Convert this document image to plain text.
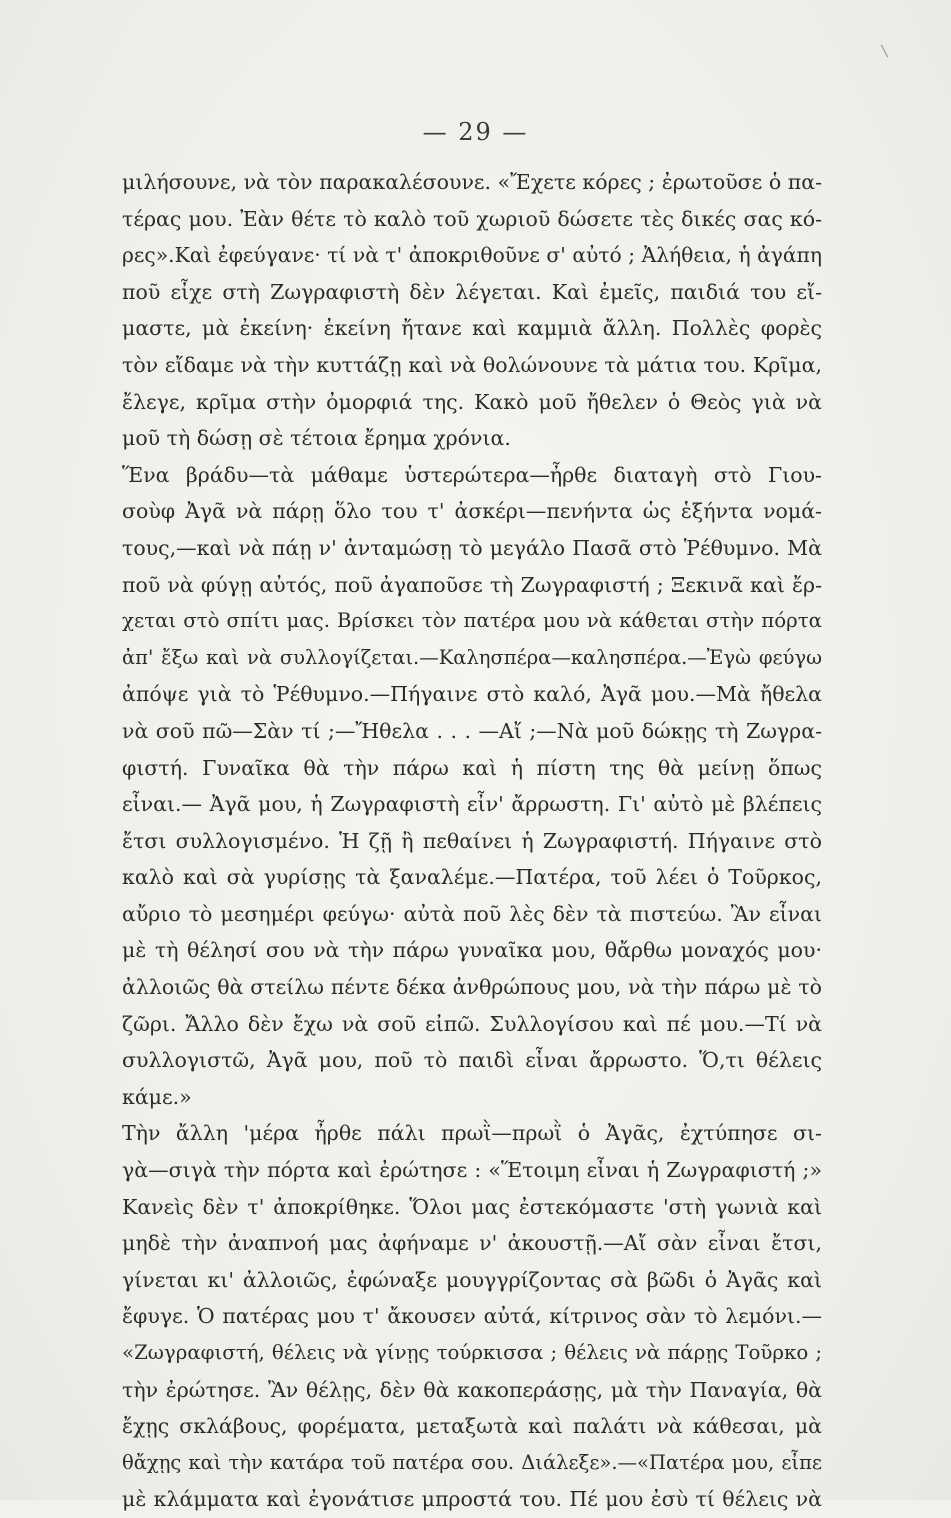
— 29 —
μιλήσουνε, νὰ τὸν παρακαλέσουνε. «Ἔχετε κόρες ; ἐρωτοῦσε ὁ πα-
τέρας μου. Ἐὰν θέτε τὸ καλὸ τοῦ χωριοῦ δώσετε τὲς δικές σας κό-
ρες».Καὶ ἐφεύγανε· τί νὰ τ' ἀποκριθοῦνε σ' αὐτό ; Ἀλήθεια, ἡ ἀγάπη
ποῦ εἶχε στὴ Ζωγραφιστὴ δὲν λέγεται. Καὶ ἐμεῖς, παιδιά του εἴ-
μαστε, μὰ ἐκείνη· ἐκείνη ἤτανε καὶ καμμιὰ ἄλλη. Πολλὲς φορὲς
τὸν εἴδαμε νὰ τὴν κυττάζῃ καὶ νὰ θολώνουνε τὰ μάτια του. Κρῖμα,
ἔλεγε, κρῖμα στὴν ὀμορφιά της. Κακὸ μοῦ ἤθελεν ὁ Θεὸς γιὰ νὰ
μοῦ τὴ δώσῃ σὲ τέτοια ἔρημα χρόνια.
Ἕνα βράδυ—τὰ μάθαμε ὑστερώτερα—ἦρθε διαταγὴ στὸ Γιου-
σοὺφ Ἀγᾶ νὰ πάρῃ ὅλο του τ' ἀσκέρι—πενήντα ὡς ἑξήντα νομά-
τους,—καὶ νὰ πάῃ ν' ἀνταμώσῃ τὸ μεγάλο Πασᾶ στὸ Ῥέθυμνο. Μὰ
ποῦ νὰ φύγῃ αὐτός, ποῦ ἀγαποῦσε τὴ Ζωγραφιστή ; Ξεκινᾶ καὶ ἔρ-
χεται στὸ σπίτι μας. Βρίσκει τὸν πατέρα μου νὰ κάθεται στὴν πόρτα
ἀπ' ἔξω καὶ νὰ συλλογίζεται.—Καλησπέρα—καλησπέρα.—Ἐγὼ φεύγω
ἀπόψε γιὰ τὸ Ῥέθυμνο.—Πήγαινε στὸ καλό, Ἀγᾶ μου.—Μὰ ἤθελα
νὰ σοῦ πῶ—Σὰν τί ;—Ἤθελα . . . —Αἴ ;—Νὰ μοῦ δώκῃς τὴ Ζωγρα-
φιστή. Γυναῖκα θὰ τὴν πάρω καὶ ἡ πίστη της θὰ μείνῃ ὅπως
εἶναι.— Ἀγᾶ μου, ἡ Ζωγραφιστὴ εἶν' ἄρρωστη. Γι' αὐτὸ μὲ βλέπεις
ἔτσι συλλογισμένο. Ἡ ζῇ ἢ πεθαίνει ἡ Ζωγραφιστή. Πήγαινε στὸ
καλὸ καὶ σὰ γυρίσῃς τὰ ξαναλέμε.—Πατέρα, τοῦ λέει ὁ Τοῦρκος,
αὔριο τὸ μεσημέρι φεύγω· αὐτὰ ποῦ λὲς δὲν τὰ πιστεύω. Ἂν εἶναι
μὲ τὴ θέλησί σου νὰ τὴν πάρω γυναῖκα μου, θἄρθω μοναχός μου·
ἀλλοιῶς θὰ στείλω πέντε δέκα ἀνθρώπους μου, νὰ τὴν πάρω μὲ τὸ
ζῶρι. Ἄλλο δὲν ἔχω νὰ σοῦ εἰπῶ. Συλλογίσου καὶ πέ μου.—Τί νὰ
συλλογιστῶ, Ἀγᾶ μου, ποῦ τὸ παιδὶ εἶναι ἄρρωστο. Ὅ,τι θέλεις
κάμε.»
Τὴν ἄλλη 'μέρα ἦρθε πάλι πρωῒ—πρωῒ ὁ Ἀγᾶς, ἐχτύπησε σι-
γὰ—σιγὰ τὴν πόρτα καὶ ἐρώτησε : «Ἕτοιμη εἶναι ἡ Ζωγραφιστή ;»
Κανεὶς δὲν τ' ἀποκρίθηκε. Ὅλοι μας ἐστεκόμαστε 'στὴ γωνιὰ καὶ
μηδὲ τὴν ἀναπνοή μας ἀφήναμε ν' ἀκουστῇ.—Αἴ σὰν εἶναι ἔτσι,
γίνεται κι' ἀλλοιῶς, ἐφώναξε μουγγρίζοντας σὰ βῶδι ὁ Ἀγᾶς καὶ
ἔφυγε. Ὁ πατέρας μου τ' ἄκουσεν αὐτά, κίτρινος σὰν τὸ λεμόνι.—
«Ζωγραφιστή, θέλεις νὰ γίνῃς τούρκισσα ; θέλεις νὰ πάρῃς Τοῦρκο ;
τὴν ἐρώτησε. Ἂν θέλῃς, δὲν θὰ κακοπεράσῃς, μὰ τὴν Παναγία, θὰ
ἔχῃς σκλάβους, φορέματα, μεταξωτὰ καὶ παλάτι νὰ κάθεσαι, μὰ
θἄχῃς καὶ τὴν κατάρα τοῦ πατέρα σου. Διάλεξε».—«Πατέρα μου, εἶπε
μὲ κλάμματα καὶ ἐγονάτισε μπροστά του. Πέ μου ἐσὺ τί θέλεις νὰ
